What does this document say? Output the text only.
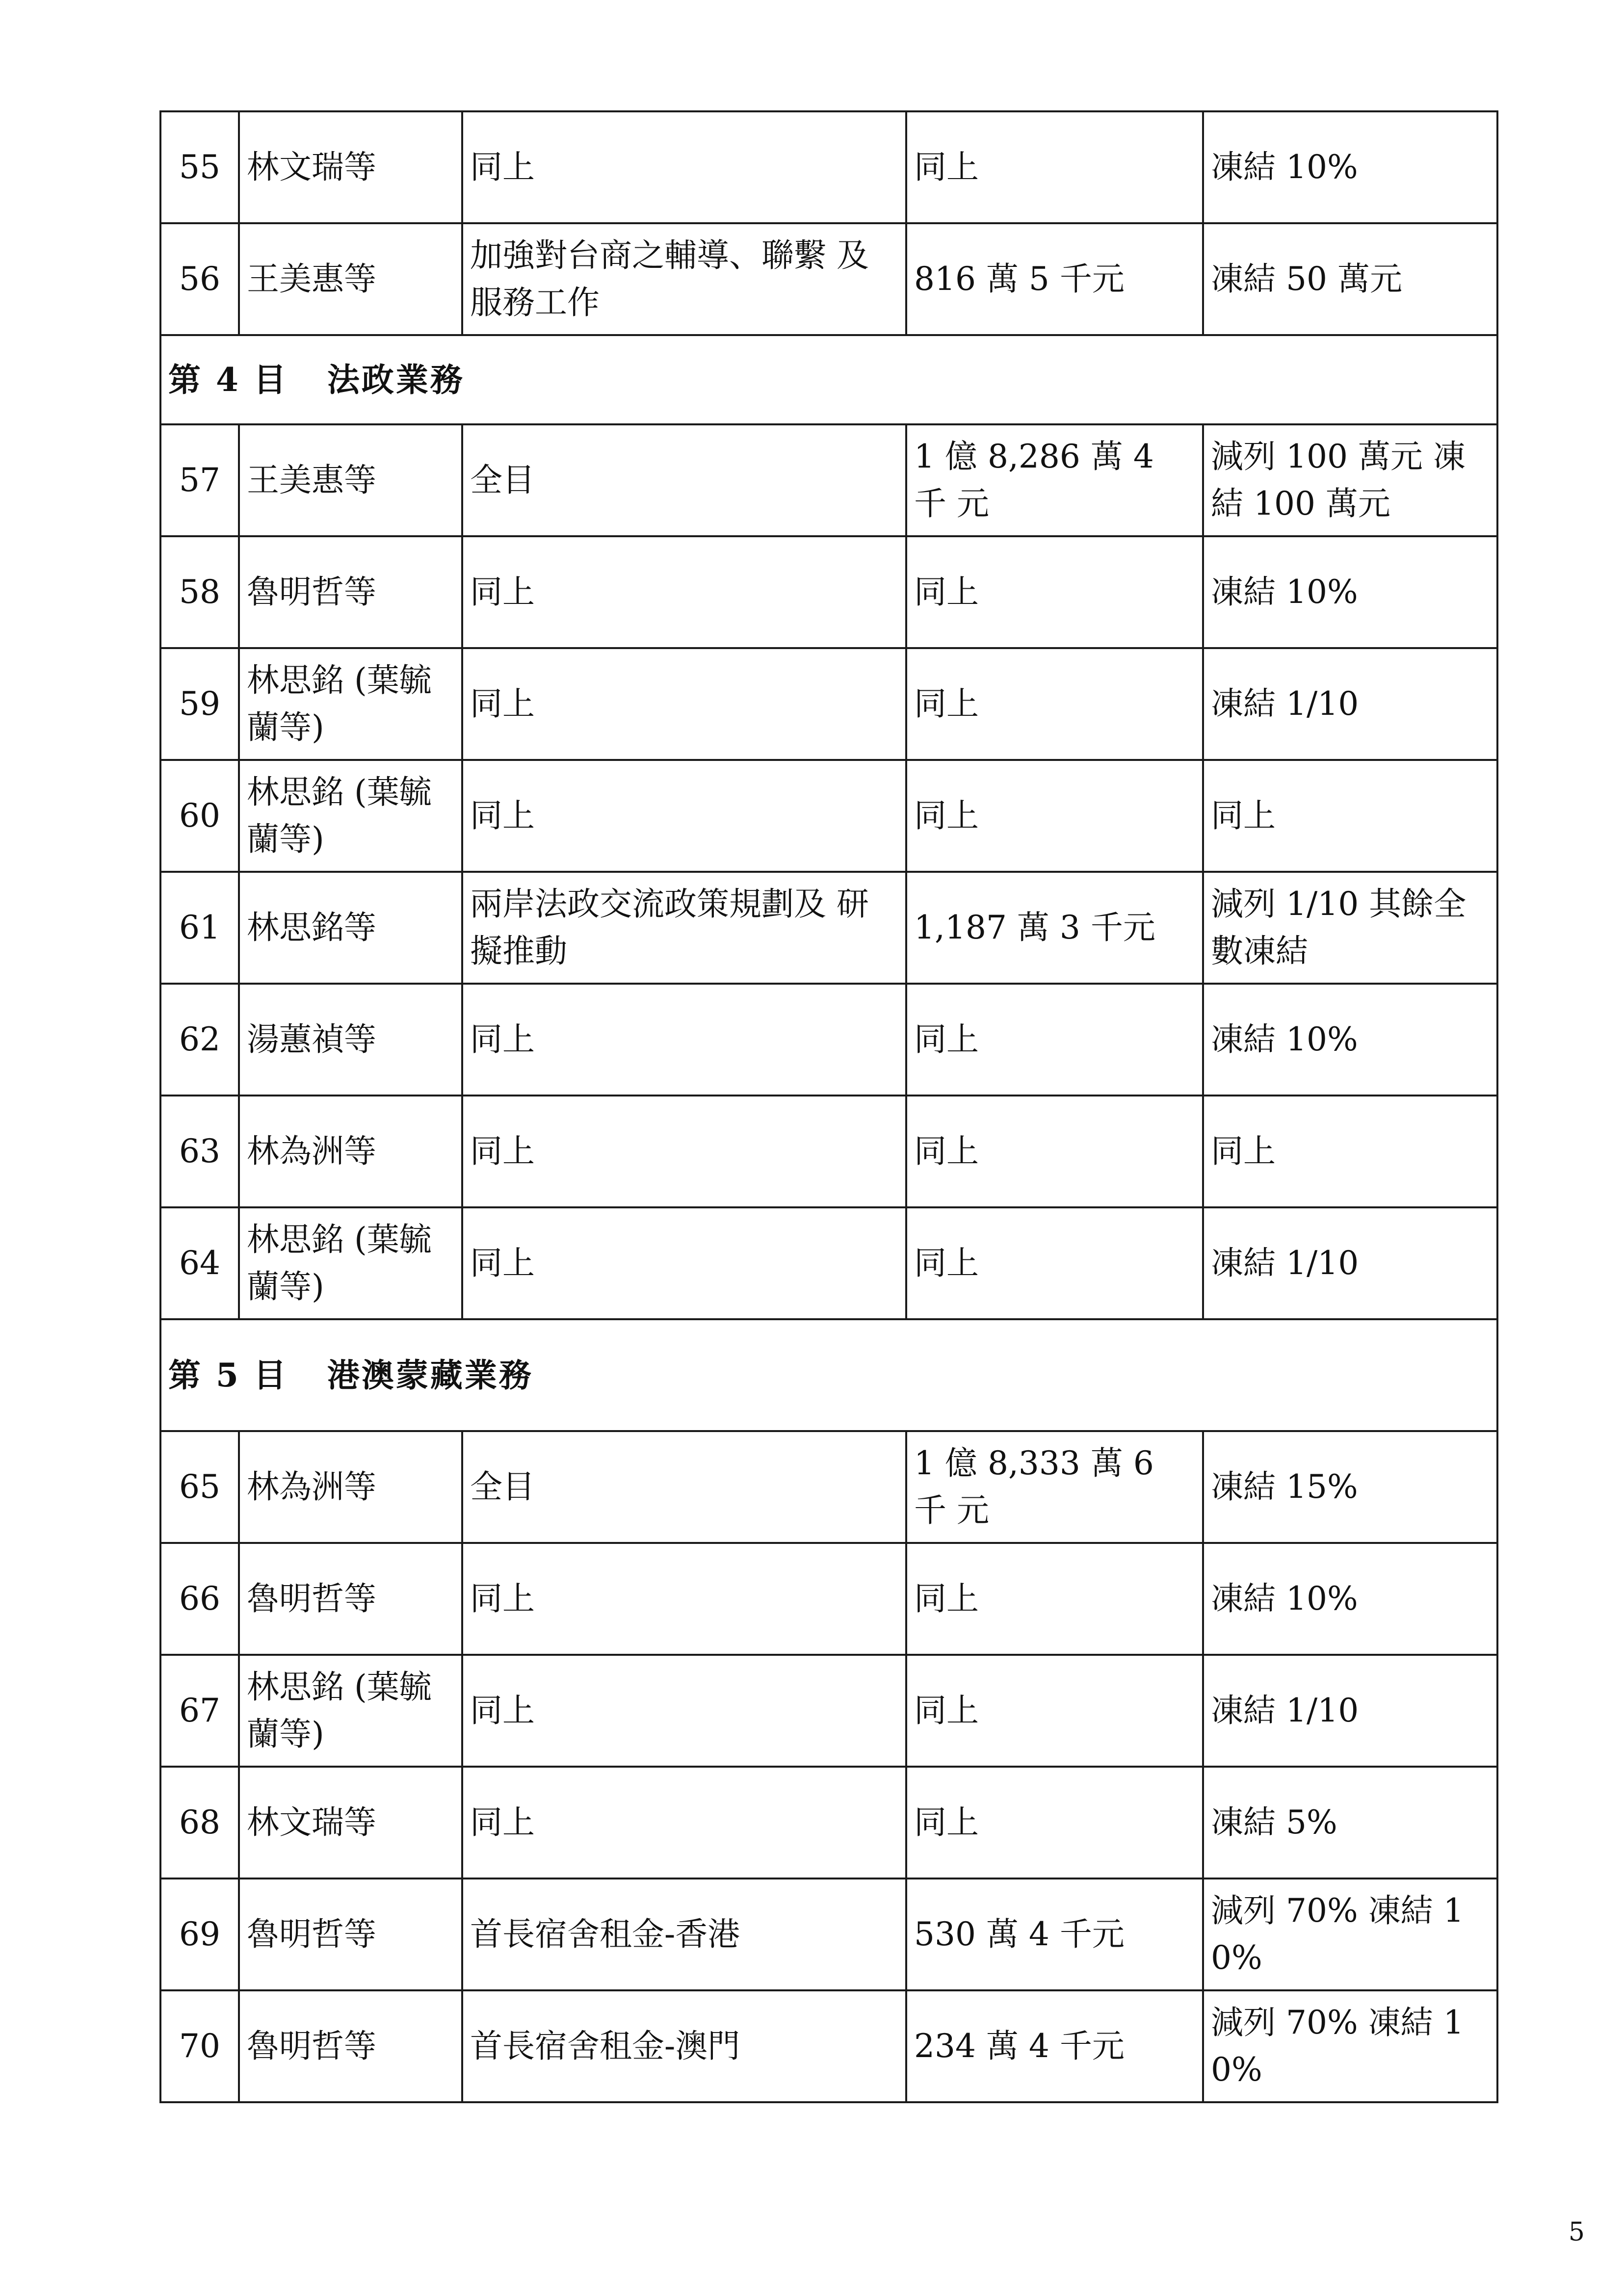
55	林文瑞等	同上	同上	凍結 10%
56	王美惠等	加強對台商之輔導、聯繫 及服務工作	816 萬 5 千元	凍結 50 萬元
第 4 目 法政業務				
57	王美惠等	全目	1 億 8,286 萬 4 千 元	減列 100 萬元 凍結 100 萬元
58	魯明哲等	同上	同上	凍結 10%
59	林思銘 (葉毓蘭等)	同上	同上	凍結 1/10
60	林思銘 (葉毓蘭等)	同上	同上	同上
61	林思銘等	兩岸法政交流政策規劃及 研擬推動	1,187 萬 3 千元	減列 1/10 其餘全數凍結
62	湯蕙禎等	同上	同上	凍結 10%
63	林為洲等	同上	同上	同上
64	林思銘 (葉毓蘭等)	同上	同上	凍結 1/10
第 5 目 港澳蒙藏業務				
65	林為洲等	全目	1 億 8,333 萬 6 千 元	凍結 15%
66	魯明哲等	同上	同上	凍結 10%
67	林思銘 (葉毓蘭等)	同上	同上	凍結 1/10
68	林文瑞等	同上	同上	凍結 5%
69	魯明哲等	首長宿舍租金-香港	530 萬 4 千元	減列 70% 凍結 10%
70	魯明哲等	首長宿舍租金-澳門	234 萬 4 千元	減列 70% 凍結 10%
5
